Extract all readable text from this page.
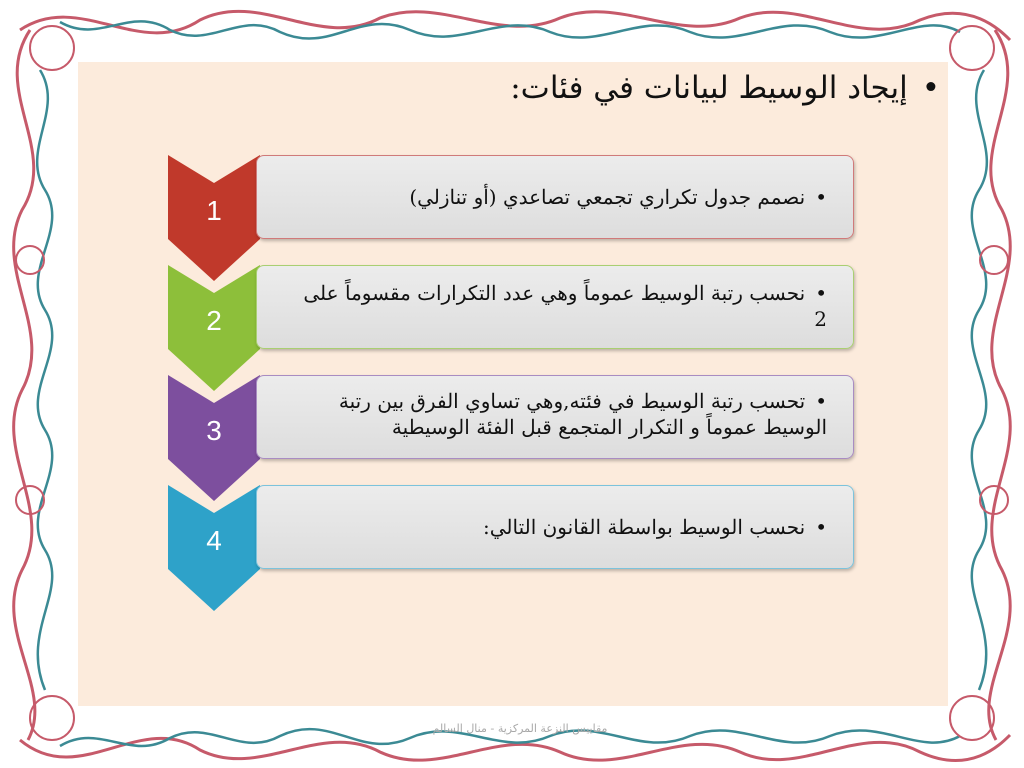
•إيجاد الوسيط لبيانات في فئات:
1	•نصمم جدول تكراري تجمعي تصاعدي (أو تنازلي)
2
•نحسب رتبة الوسيط عموماً وهي عدد التكرارات مقسوماً على 2
3
•تحسب رتبة الوسيط في فئته,وهي تساوي الفرق بين رتبة الوسيط عموماً و التكرار المتجمع قبل الفئة الوسيطية
4	•نحسب الوسيط بواسطة القانون التالي:
مقاييس النزعة المركزية - منال السالم
